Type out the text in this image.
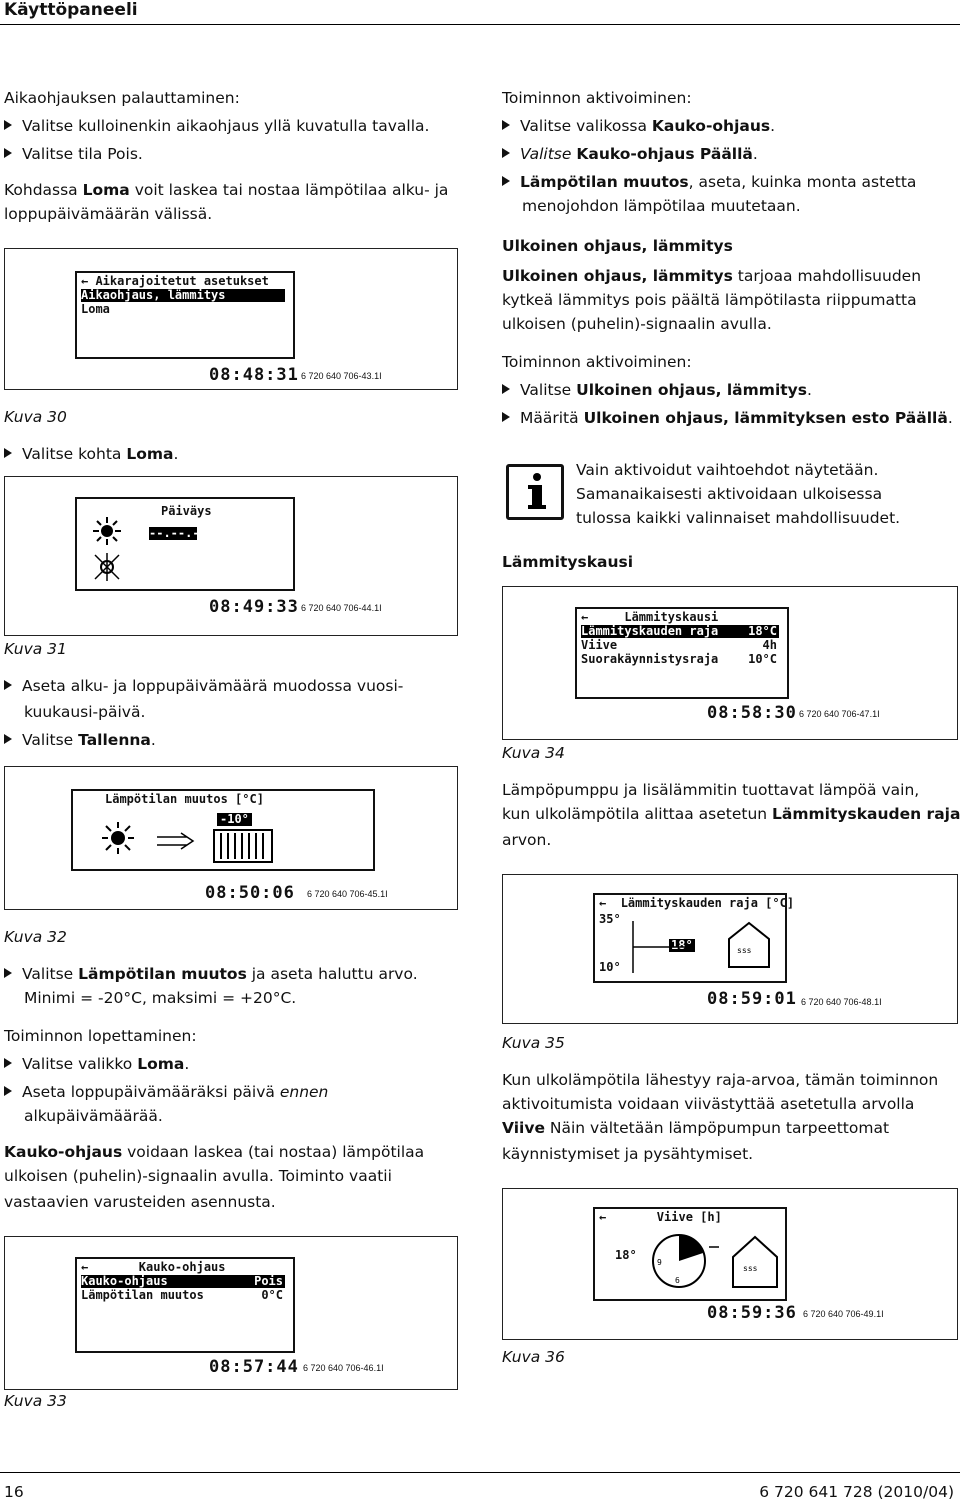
Käyttöpaneeli
Aikaohjauksen palauttaminen:
Valitse kulloinenkin aikaohjaus yllä kuvatulla tavalla.
Valitse tila Pois.
Kohdassa Loma voit laskea tai nostaa lämpötilaa alku- ja
loppupäivämäärän välissä.
← Aikarajoitetut asetukset
Aikaohjaus, lämmitys
Loma
08:48:31 6 720 640 706-43.1I
Kuva 30
Valitse kohta Loma.
Päiväys
--.--.--
08:49:33 6 720 640 706-44.1I
Kuva 31
Aseta alku- ja loppupäivämäärä muodossa vuosi-
kuukausi-päivä.
Valitse Tallenna.
Lämpötilan muutos [°C]
-10°
08:50:06 6 720 640 706-45.1I
Kuva 32
Valitse Lämpötilan muutos ja aseta haluttu arvo.
Minimi = -20°C, maksimi = +20°C.
Toiminnon lopettaminen:
Valitse valikko Loma.
Aseta loppupäivämääräksi päivä ennen
alkupäivämäärää.
Kauko-ohjaus voidaan laskea (tai nostaa) lämpötilaa
ulkoisen (puhelin)-signaalin avulla. Toiminto vaatii
vastaavien varusteiden asennusta.
←       Kauko-ohjaus
Kauko-ohjaus	Pois
Lämpötilan muutos	0°C
08:57:44 6 720 640 706-46.1I
Kuva 33
Toiminnon aktivoiminen:
Valitse valikossa Kauko-ohjaus.
Valitse Kauko-ohjaus Päällä.
Lämpötilan muutos, aseta, kuinka monta astetta
menojohdon lämpötilaa muutetaan.
Ulkoinen ohjaus, lämmitys
Ulkoinen ohjaus, lämmitys tarjoaa mahdollisuuden
kytkeä lämmitys pois päältä lämpötilasta riippumatta
ulkoisen (puhelin)-signaalin avulla.
Toiminnon aktivoiminen:
Valitse Ulkoinen ohjaus, lämmitys.
Määritä Ulkoinen ohjaus, lämmityksen esto Päällä.
Vain aktivoidut vaihtoehdot näytetään.
Samanaikaisesti aktivoidaan ulkoisessa
tulossa kaikki valinnaiset mahdollisuudet.
Lämmityskausi
←     Lämmityskausi
Lämmityskauden raja 18°C
Viive	4h
Suorakäynnistysraja 10°C
08:58:30 6 720 640 706-47.1I
Kuva 34
Lämpöpumppu ja lisälämmitin tuottavat lämpöä vain,
kun ulkolämpötila alittaa asetetun Lämmityskauden raja
arvon.
←  Lämmityskauden raja [°C]
35°
18°
10°
sss
08:59:01 6 720 640 706-48.1I
Kuva 35
Kun ulkolämpötila lähestyy raja-arvoa, tämän toiminnon
aktivoitumista voidaan viivästyttää asetetulla arvolla
Viive Näin vältetään lämpöpumpun tarpeettomat
käynnistymiset ja pysähtymiset.
←       Viive [h]
18°
6
9
sss
08:59:36 6 720 640 706-49.1I
Kuva 36
16	6 720 641 728 (2010/04)
